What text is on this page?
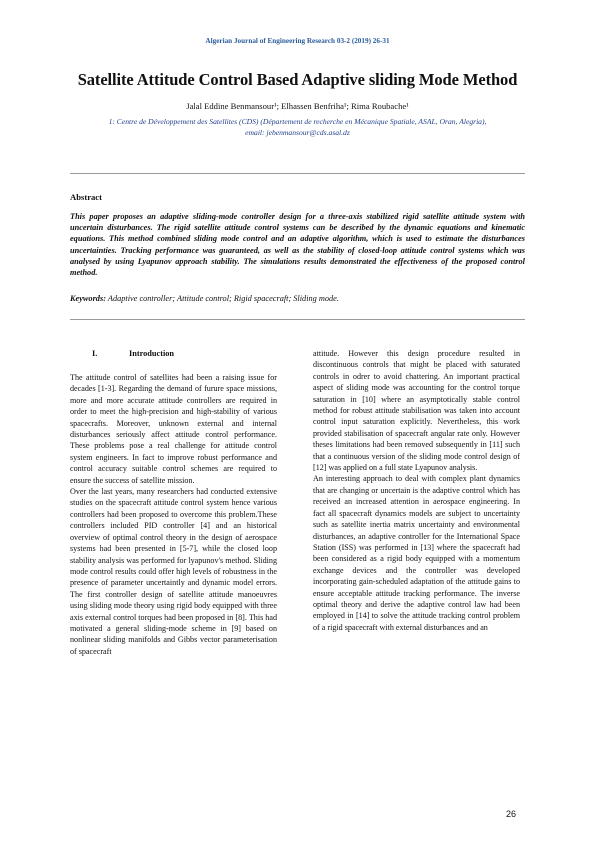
Algerian Journal of Engineering Research 03-2 (2019) 26-31
Satellite Attitude Control Based Adaptive sliding Mode Method
Jalal Eddine Benmansour¹; Elhassen Benfriha¹; Rima Roubache¹
1: Centre de Développement des Satellites (CDS) (Département de recherche en Mécanique Spatiale, ASAL, Oran, Alegria),
email: jebenmansour@cds.asal.dz
Abstract
This paper proposes an adaptive sliding-mode controller design for a three-axis stabilized rigid satellite attitude system with uncertain disturbances. The rigid satellite attitude control systems can be described by the dynamic equations and kinematic equations. This method combined sliding mode control and an adaptive algorithm, which is used to estimate the disturbances uncertainties. Tracking performance was guaranteed, as well as the stability of closed-loop attitude control systems which was analysed by using Lyapunov approach stability. The simulations results demonstrated the effectiveness of the proposed control method.
Keywords: Adaptive controller; Attitude control; Rigid spacecraft; Sliding mode.
I.	Introduction

The attitude control of satellites had been a raising issue for decades [1-3]. Regarding the demand of furure space missions, more and more accurate attitude controllers are required in order to meet the high-precision and high-stability of various spacecrafts. Moreover, unknown external and internal disturbances seriously affect attitude control performance. These problems pose a real challenge for attitude control system engineers. In fact to improve robust performance and control accuracy suitable control schemes are required to ensure the success of satellite mission.

Over the last years, many researchers had conducted extensive studies on the spacecraft attitude control system hence various controllers had been proposed to overcome this problem.These controllers included PID controller [4] and an historical overview of optimal control theory in the design of aerospace systems had been presented in [5-7], while the closed loop stability analysis was performed for lyapunov's method. Sliding mode control results could offer high levels of robustness in the presence of parameter uncertaintly and dynamic model errors. The first controller design of satellite attitude manoeuvres using sliding mode theory using rigid body equipped with three axis external control torques had been proposed in [8]. This had motivated a general sliding-mode scheme in [9] based on nonlinear sliding manifolds and Gibbs vector parameterisation of spacecraft

attitude. However this design procedure resulted in discontinuous controls that might be placed with saturated controls in odrer to avoid chattering. An important practical aspect of sliding mode was accounting for the control torque saturation in [10] where an asymptotically stable control method for robust attitude stabilisation was taken into account control input saturation explicitly. Nevertheless, this work provided stabilisation of spacecraft angular rate only. However theses limitations had been removed subsequently in [11] such that a continuous version of the sliding mode control design of [12] was applied on a full state Lyapunov analysis.

An interesting approach to deal with complex plant dynamics that are changing or uncertain is the adaptive control which has received an increased attention in aerospace engineering. In fact all spacecraft dynamics models are subject to uncertainty such as satellite inertia matrix uncertainty and environmental disturbances, an adaptive controller for the International Space Station (ISS) was performed in [13] where the spacecraft had been considered as a rigid body equipped with a momentum exchange devices and the controller was developed incorporating gain-scheduled adaptation of the attitude gains to ensure acceptable attitude tracking performance. The inverse optimal theory and derive the adaptive control law had been employed in [14] to solve the attitude tracking control problem of a rigid spacecraft with external disturbances and an

26
